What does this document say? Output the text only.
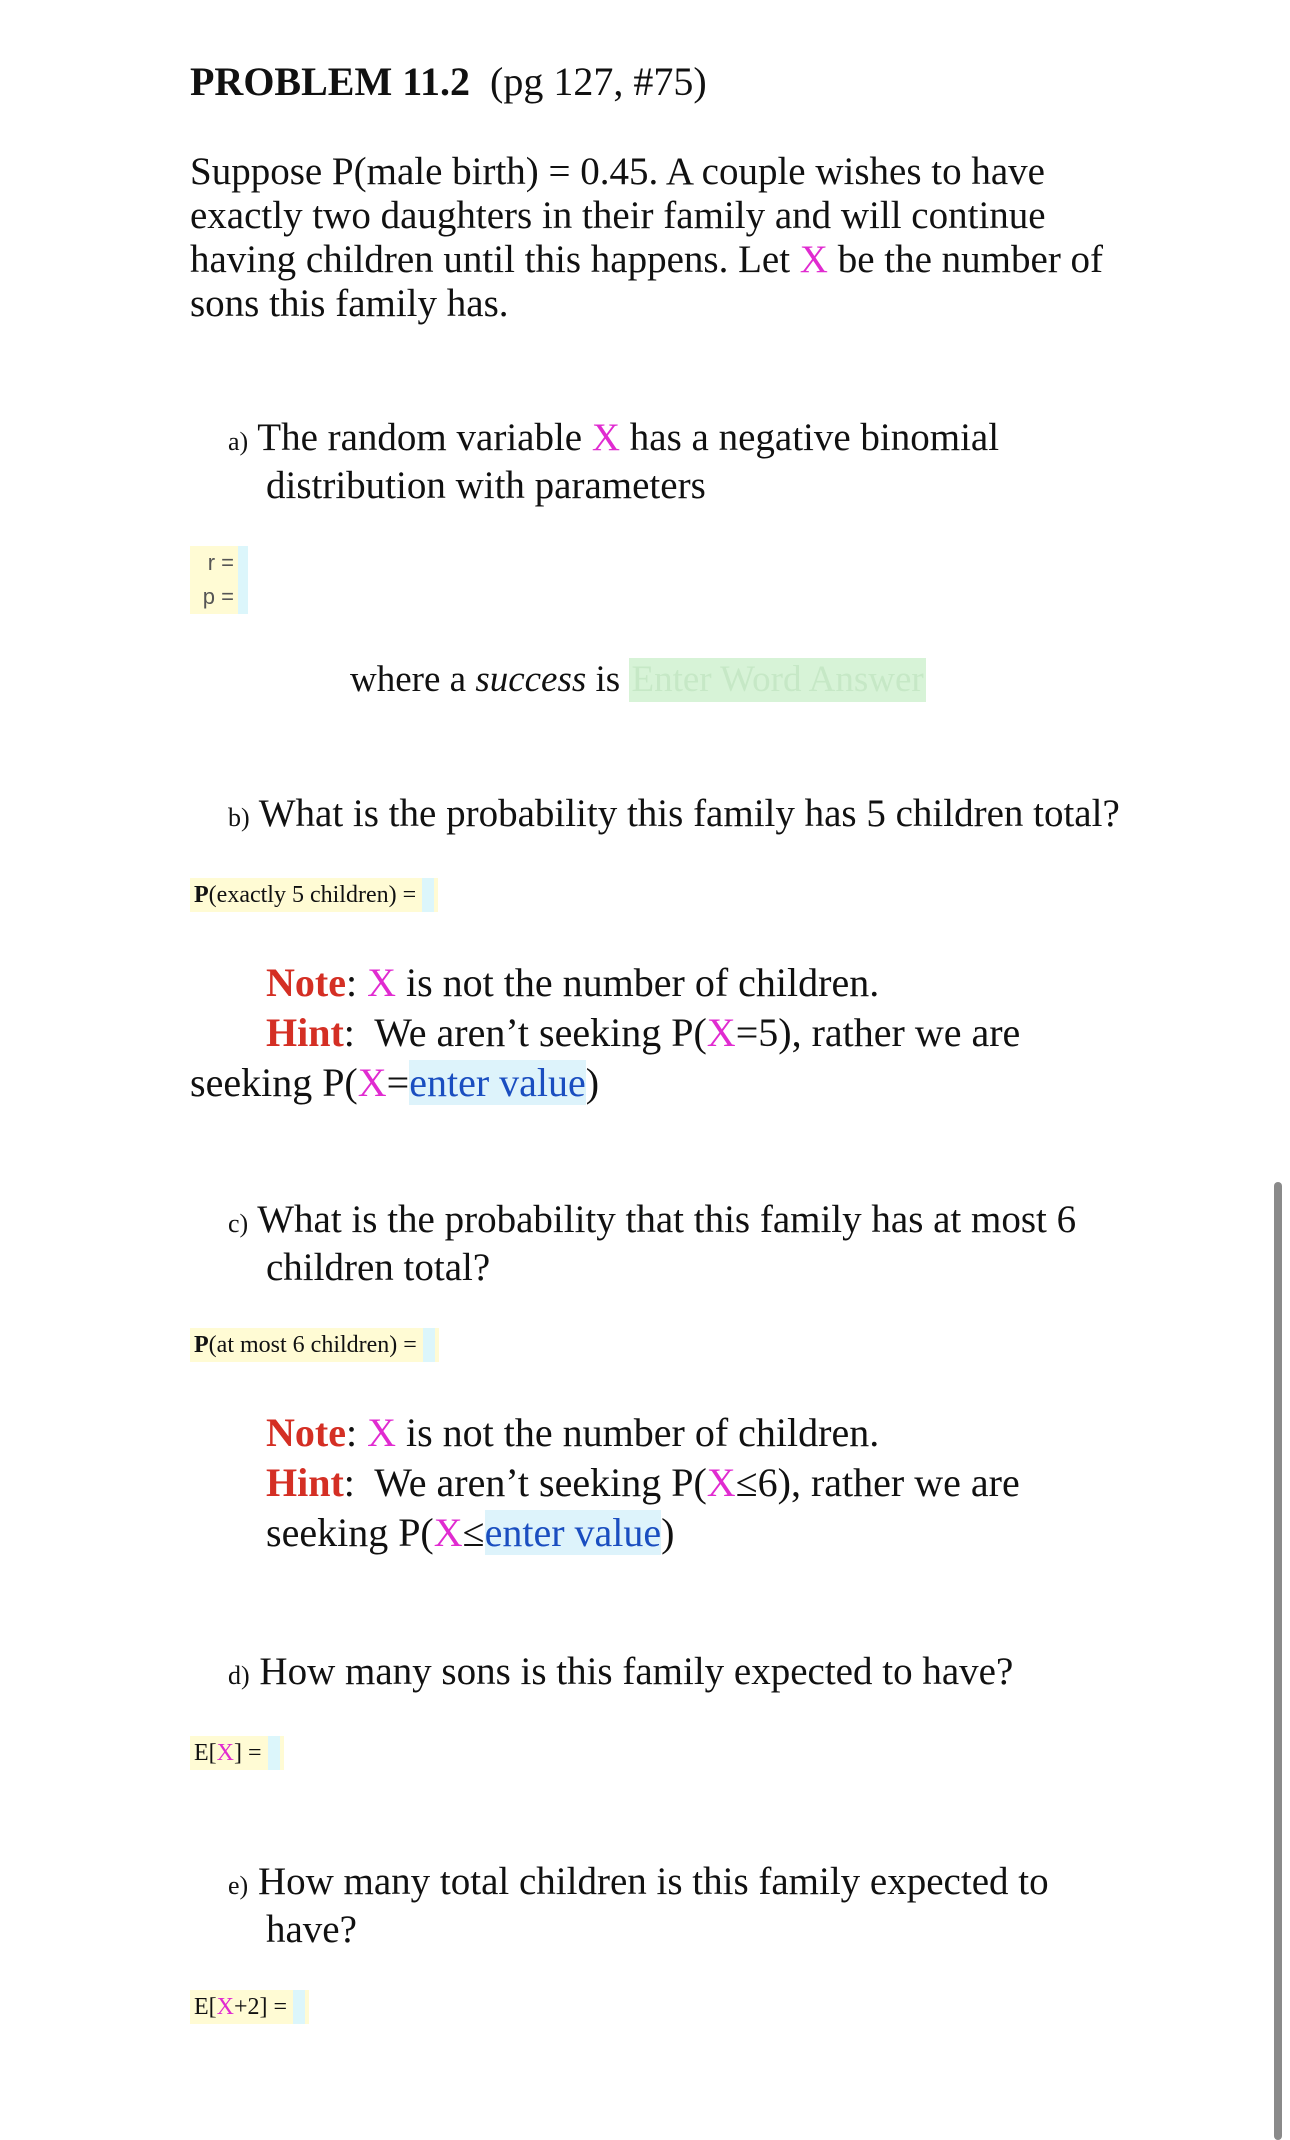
PROBLEM 11.2 (pg 127, #75)
Suppose P(male birth) = 0.45. A couple wishes to have
exactly two daughters in their family and will continue
having children until this happens. Let X be the number of
sons this family has.
a) The random variable X has a negative binomial
distribution with parameters
r =
p =
where a success is Enter Word Answer
b) What is the probability this family has 5 children total?
P(exactly 5 children) =
Note: X is not the number of children.
Hint:  We aren’t seeking P(X=5), rather we are
seeking P(X=enter value)
c) What is the probability that this family has at most 6
children total?
P(at most 6 children) =
Note: X is not the number of children.
Hint:  We aren’t seeking P(X≤6), rather we are
seeking P(X≤enter value)
d) How many sons is this family expected to have?
E[X] =
e) How many total children is this family expected to
have?
E[X+2] =
